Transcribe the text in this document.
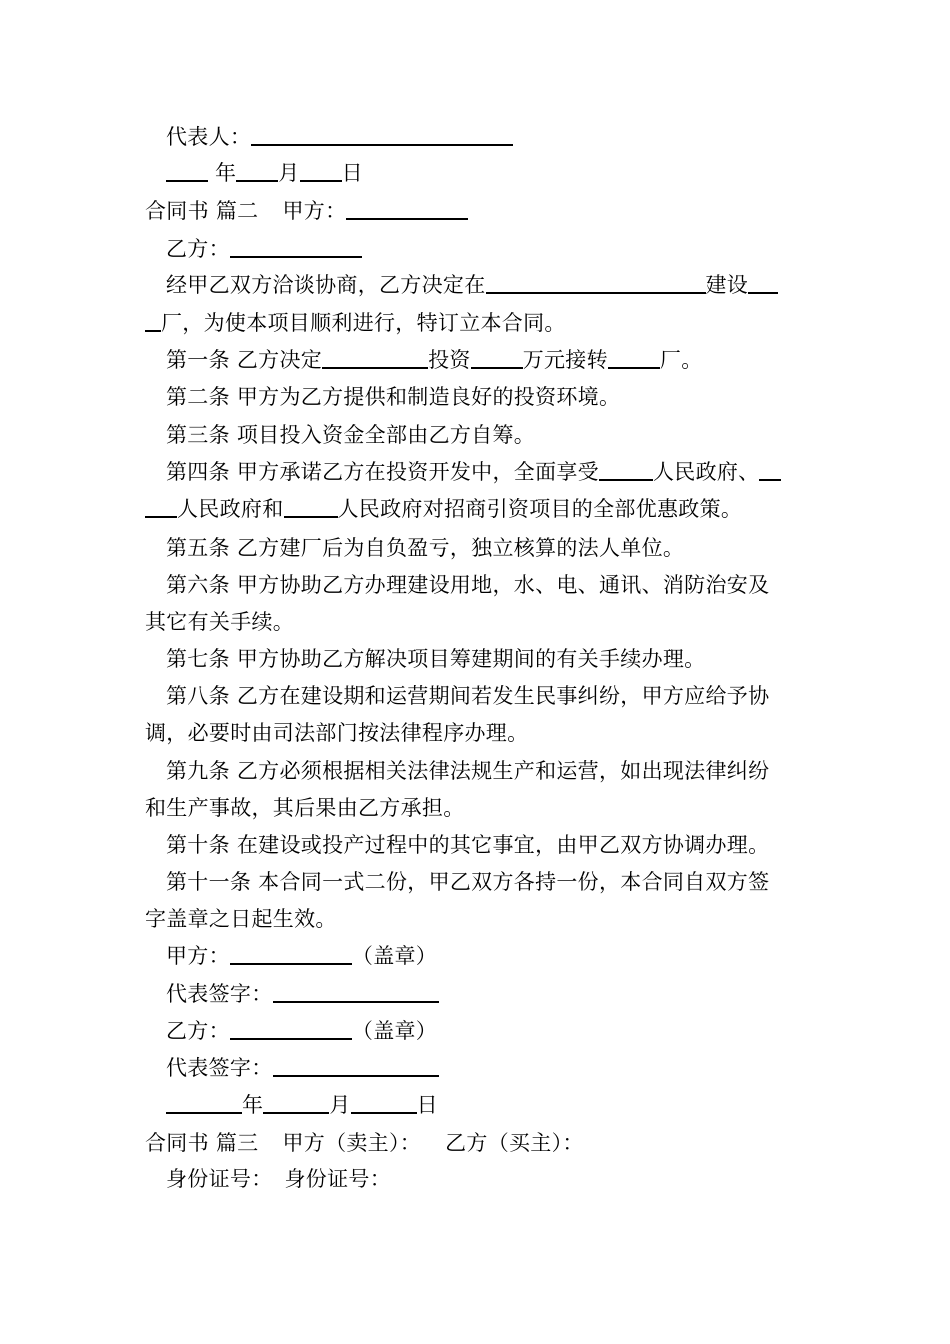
代表人：
年 月 日
合同书 篇二 甲方：
乙方：
经甲乙双方洽谈协商，乙方决定在	建设
厂，为使本项目顺利进行，特订立本合同。
第一条 乙方决定	投资 万元接转 厂。
第二条 甲方为乙方提供和制造良好的投资环境。
第三条 项目投入资金全部由乙方自筹。
第四条 甲方承诺乙方在投资开发中，全面享受	人民政府、
人民政府和	人民政府对招商引资项目的全部优惠政策。
第五条 乙方建厂后为自负盈亏，独立核算的法人单位。
第六条 甲方协助乙方办理建设用地，水、电、通讯、消防治安及
其它有关手续。
第七条 甲方协助乙方解决项目筹建期间的有关手续办理。
第八条 乙方在建设期和运营期间若发生民事纠纷，甲方应给予协
调，必要时由司法部门按法律程序办理。
第九条 乙方必须根据相关法律法规生产和运营，如出现法律纠纷
和生产事故，其后果由乙方承担。
第十条 在建设或投产过程中的其它事宜，由甲乙双方协调办理。
第十一条 本合同一式二份，甲乙双方各持一份，本合同自双方签
字盖章之日起生效。
甲方：	（盖章）
代表签字：
乙方：	（盖章）
代表签字：
年	月	日
合同书 篇三 甲方（卖主）： 乙方（买主）：
身份证号： 身份证号：
